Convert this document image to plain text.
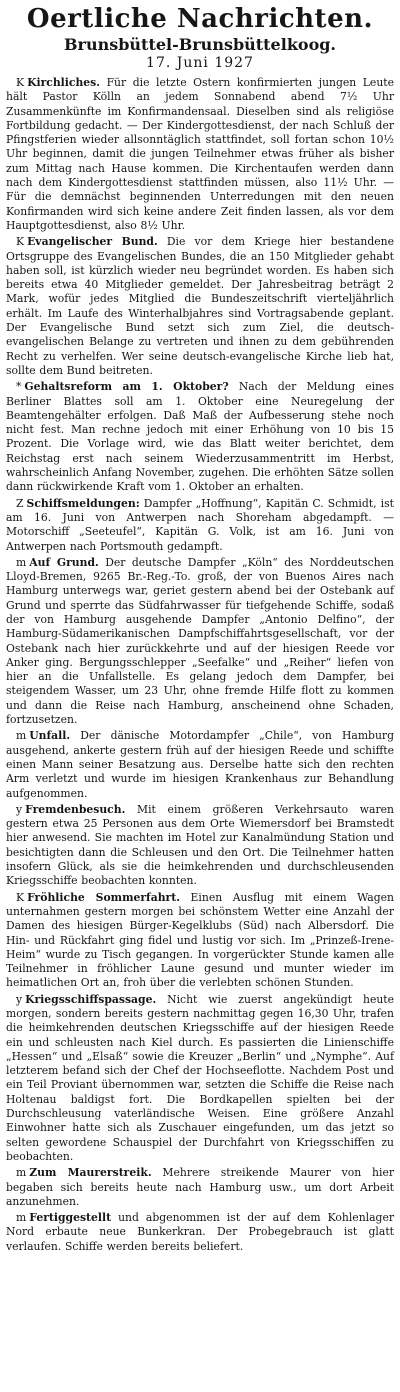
Oertliche Nachrichten.
Brunsbüttel-Brunsbüttelkoog.
17. Juni 1927

K Kirchliches. Für die letzte Ostern konfirmierten jungen Leute hält Pastor Kölln an jedem Sonnabend abend 7½ Uhr Zusammenkünfte im Konfirmandensaal. Dieselben sind als religiöse Fortbildung gedacht. — Der Kindergottesdienst, der nach Schluß der Pfingstferien wieder allsonntäglich stattfindet, soll fortan schon 10½ Uhr beginnen, damit die jungen Teilnehmer etwas früher als bisher zum Mittag nach Hause kommen. Die Kirchentaufen werden dann nach dem Kindergottesdienst stattfinden müssen, also 11½ Uhr. — Für die demnächst beginnenden Unterredungen mit den neuen Konfirmanden wird sich keine andere Zeit finden lassen, als vor dem Hauptgottesdienst, also 8½ Uhr.

K Evangelischer Bund. Die vor dem Kriege hier bestandene Ortsgruppe des Evangelischen Bundes, die an 150 Mitglieder gehabt haben soll, ist kürzlich wieder neu begründet worden. Es haben sich bereits etwa 40 Mitglieder gemeldet. Der Jahresbeitrag beträgt 2 Mark, wofür jedes Mitglied die Bundeszeitschrift vierteljährlich erhält. Im Laufe des Winterhalbjahres sind Vortragsabende geplant. Der Evangelische Bund setzt sich zum Ziel, die deutsch-evangelischen Belange zu vertreten und ihnen zu dem gebührenden Recht zu verhelfen. Wer seine deutsch-evangelische Kirche lieb hat, sollte dem Bund beitreten.

* Gehaltsreform am 1. Oktober? Nach der Meldung eines Berliner Blattes soll am 1. Oktober eine Neuregelung der Beamtengehälter erfolgen. Daß Maß der Aufbesserung stehe noch nicht fest. Man rechne jedoch mit einer Erhöhung von 10 bis 15 Prozent. Die Vorlage wird, wie das Blatt weiter berichtet, dem Reichstag erst nach seinem Wiederzusammentritt im Herbst, wahrscheinlich Anfang November, zugehen. Die erhöhten Sätze sollen dann rückwirkende Kraft vom 1. Oktober an erhalten.

Z Schiffsmeldungen: Dampfer „Hoffnung“, Kapitän C. Schmidt, ist am 16. Juni von Antwerpen nach Shoreham abgedampft. — Motorschiff „Seeteufel“, Kapitän G. Volk, ist am 16. Juni von Antwerpen nach Portsmouth gedampft.

m Auf Grund. Der deutsche Dampfer „Köln“ des Norddeutschen Lloyd-Bremen, 9265 Br.-Reg.-To. groß, der von Buenos Aires nach Hamburg unterwegs war, geriet gestern abend bei der Ostebank auf Grund und sperrte das Südfahrwasser für tiefgehende Schiffe, sodaß der von Hamburg ausgehende Dampfer „Antonio Delfino“, der Hamburg-Südamerikanischen Dampfschiffahrtsgesellschaft, vor der Ostebank nach hier zurückkehrte und auf der hiesigen Reede vor Anker ging. Bergungsschlepper „Seefalke“ und „Reiher“ liefen von hier an die Unfallstelle. Es gelang jedoch dem Dampfer, bei steigendem Wasser, um 23 Uhr, ohne fremde Hilfe flott zu kommen und dann die Reise nach Hamburg, anscheinend ohne Schaden, fortzusetzen.

m Unfall. Der dänische Motordampfer „Chile“, von Hamburg ausgehend, ankerte gestern früh auf der hiesigen Reede und schiffte einen Mann seiner Besatzung aus. Derselbe hatte sich den rechten Arm verletzt und wurde im hiesigen Krankenhaus zur Behandlung aufgenommen.

y Fremdenbesuch. Mit einem größeren Verkehrsauto waren gestern etwa 25 Personen aus dem Orte Wiemersdorf bei Bramstedt hier anwesend. Sie machten im Hotel zur Kanalmündung Station und besichtigten dann die Schleusen und den Ort. Die Teilnehmer hatten insofern Glück, als sie die heimkehrenden und durchschleusenden Kriegsschiffe beobachten konnten.

K Fröhliche Sommerfahrt. Einen Ausflug mit einem Wagen unternahmen gestern morgen bei schönstem Wetter eine Anzahl der Damen des hiesigen Bürger-Kegelklubs (Süd) nach Albersdorf. Die Hin- und Rückfahrt ging fidel und lustig vor sich. Im „Prinzeß-Irene-Heim“ wurde zu Tisch gegangen. In vorgerückter Stunde kamen alle Teilnehmer in fröhlicher Laune gesund und munter wieder im heimatlichen Ort an, froh über die verlebten schönen Stunden.

y Kriegsschiffspassage. Nicht wie zuerst angekündigt heute morgen, sondern bereits gestern nachmittag gegen 16,30 Uhr, trafen die heimkehrenden deutschen Kriegsschiffe auf der hiesigen Reede ein und schleusten nach Kiel durch. Es passierten die Linienschiffe „Hessen“ und „Elsaß“ sowie die Kreuzer „Berlin“ und „Nymphe“. Auf letzterem befand sich der Chef der Hochseeflotte. Nachdem Post und ein Teil Proviant übernommen war, setzten die Schiffe die Reise nach Holtenau baldigst fort. Die Bordkapellen spielten bei der Durchschleusung vaterländische Weisen. Eine größere Anzahl Einwohner hatte sich als Zuschauer eingefunden, um das jetzt so selten gewordene Schauspiel der Durchfahrt von Kriegsschiffen zu beobachten.

m Zum Maurerstreik. Mehrere streikende Maurer von hier begaben sich bereits heute nach Hamburg usw., um dort Arbeit anzunehmen.

m Fertiggestellt und abgenommen ist der auf dem Kohlenlager Nord erbaute neue Bunkerkran. Der Probegebrauch ist glatt verlaufen. Schiffe werden bereits beliefert.
